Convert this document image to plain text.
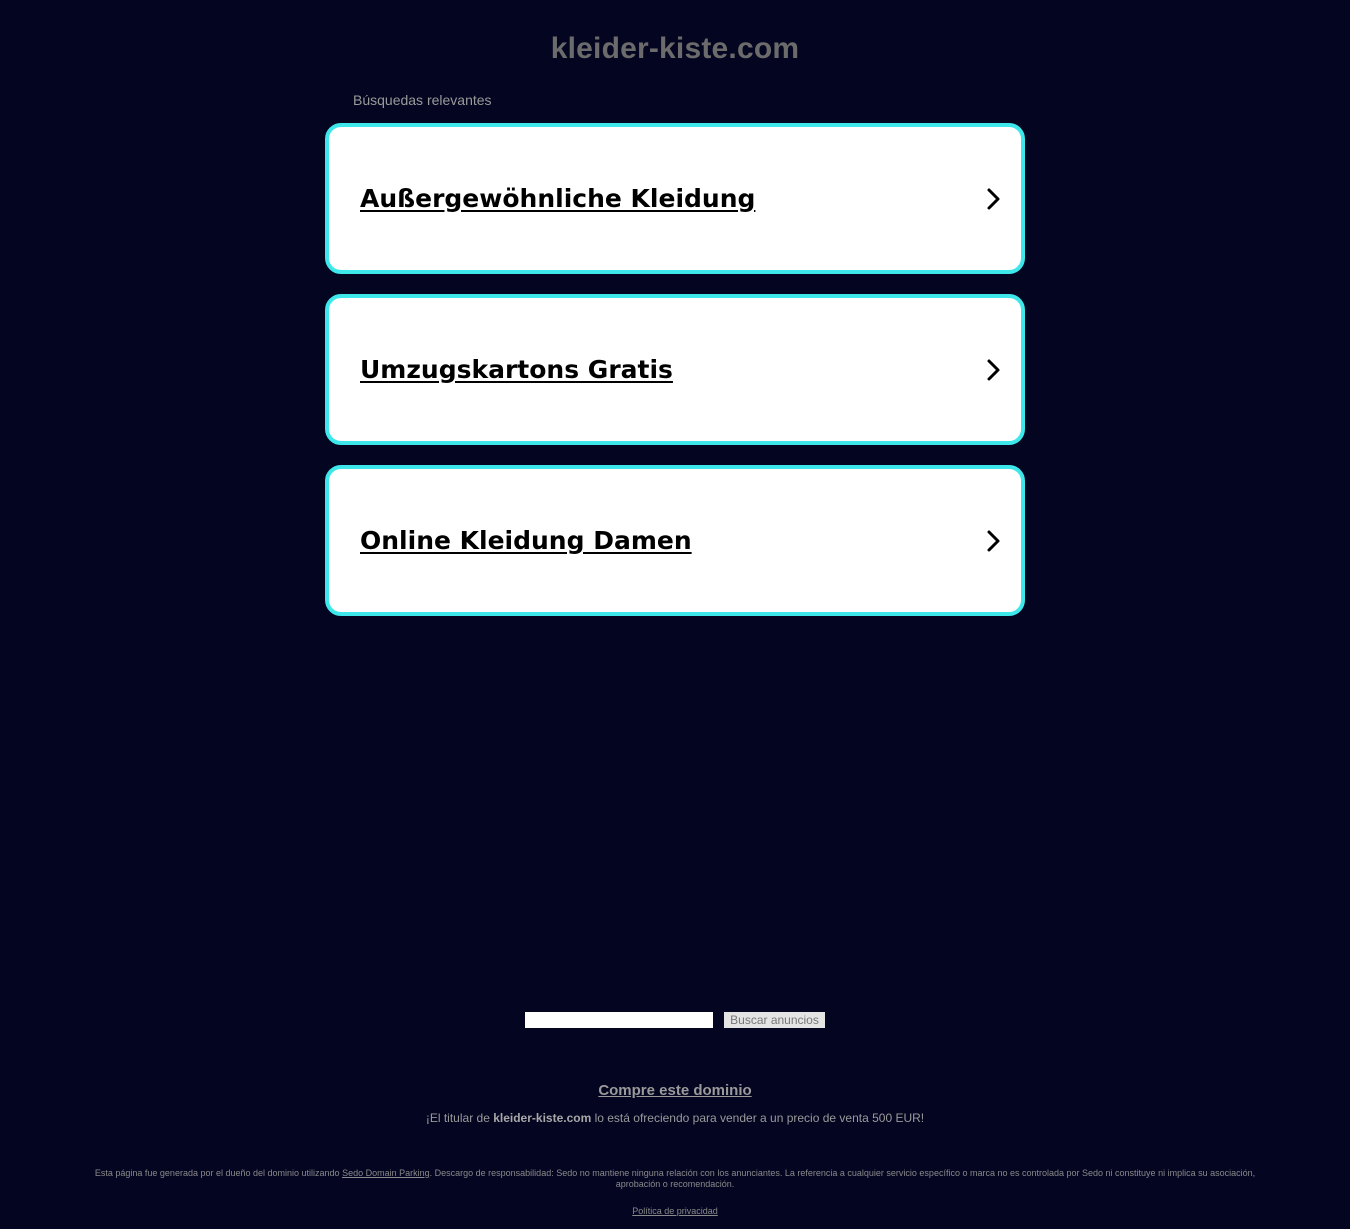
kleider-kiste.com
Búsquedas relevantes
Außergewöhnliche Kleidung
Umzugskartons Gratis
Online Kleidung Damen
Buscar anuncios
Compre este dominio
¡El titular de kleider-kiste.com lo está ofreciendo para vender a un precio de venta 500 EUR!
Esta página fue generada por el dueño del dominio utilizando Sedo Domain Parking. Descargo de responsabilidad: Sedo no mantiene ninguna relación con los anunciantes. La referencia a cualquier servicio específico o marca no es controlada por Sedo ni constituye ni implica su asociación, aprobación o recomendación.
Política de privacidad
